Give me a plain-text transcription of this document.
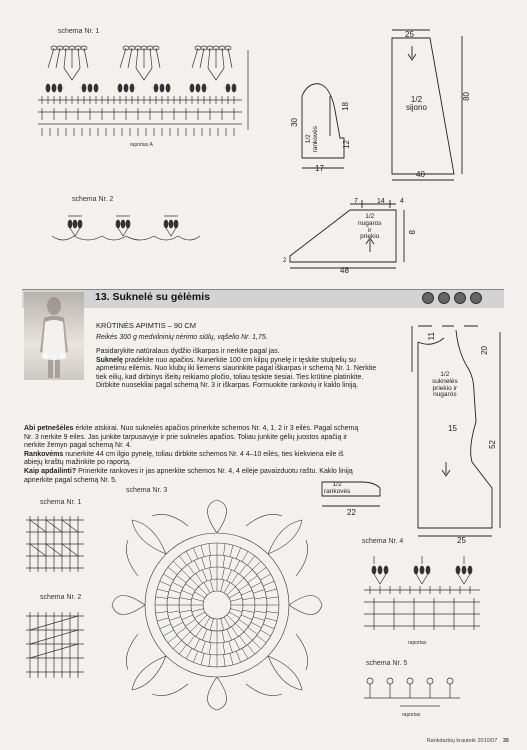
schema Nr. 1
raportas A
schema Nr. 2
30
18
12
17
1/2
rankovės
25
80
40
1/2
sijono
7	14 4
48
2
8
1/2
nugaros
ir
priekio
13. Suknelė su gėlėmis
KRŪTINĖS APIMTIS – 90 CM
Reikės 300 g medvilninių nėrimo siūlų, vąšelio Nr. 1,75.
Pasidarykite natūralaus dydžio iškarpas ir nerkite pagal jas.
Suknelę pradėkite nuo apačios. Nunerkite 100 cm kilpų pynelę ir tęskite stulpelių su apmetimu eilėmis. Nuo klubų iki liemens siaurinkite pagal iškarpas ir schemą Nr. 1. Nerkite tiek eilių, kad dirbinys išeitų reikiamo pločio, toliau tęskite tiesiai. Ties krūtine platinkite. Dirbkite nuosekliai pagal schemą Nr. 3 ir iškarpas. Formuokite rankovių ir kaklo liniją.
Abi petnešėles ėrkite atskirai. Nuo suknelės apačios prinerkite schemos Nr. 4, 1, 2 ir 3 eilės. Pagal schemą Nr. 3 nerkite 9 eiles. Jas junkite tarpusavyje ir prie suknelės apačios. Toliau junkite gėlių juostos apačią ir nerkite žemyn pagal schemą Nr. 4.
Rankovėms nunerkite 44 cm ilgio pynelę, toliau dirbkite schemos Nr. 4 4–10 eilės, ties kiekviena eile iš abiejų kraštų mažinkite po raportą.
Kaip apdailinti? Prinerkite rankoves ir jas apnerkite schemos Nr. 4, 4 eilėje pavaizduotu raštu. Kaklo liniją apnerkite pagal schemą Nr. 5.
11
20
15
52
25
1/2
suknelės
priekio ir
nugaros
1/2
rankovės
22
schema Nr. 1
schema Nr. 2
schema Nr. 3
schema Nr. 4
raportas
schema Nr. 5
raportas
Rankdarbių krautelė 2010/07 35
